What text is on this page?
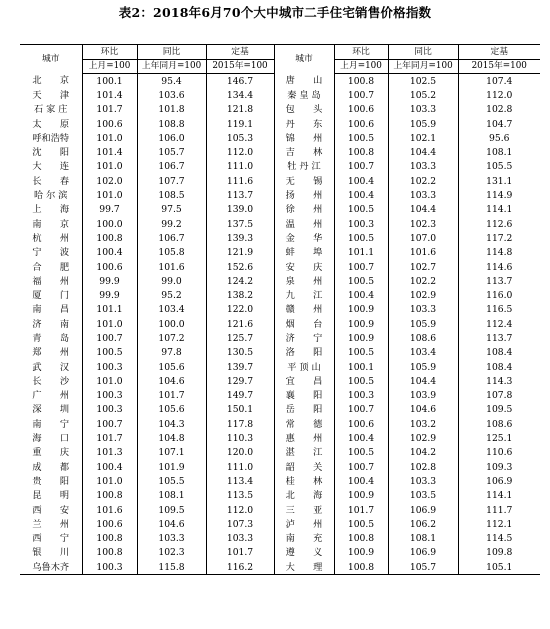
表2：2018年6月70个大中城市二手住宅销售价格指数
城市	环比	同比	定基	城市	环比	同比	定基
	上月=100	上年同月=100	2015年=100		上月=100	上年同月=100	2015年=100
北　　京	100.1	95.4	146.7	唐　　山	100.8	102.5	107.4
天　　津	101.4	103.6	134.4	秦 皇 岛	100.7	105.2	112.0
石 家 庄	101.7	101.8	121.8	包　　头	100.6	103.3	102.8
太　　原	100.6	108.8	119.1	丹　　东	100.6	105.9	104.7
呼和浩特	101.0	106.0	105.3	锦　　州	100.5	102.1	95.6
沈　　阳	101.4	105.7	112.0	吉　　林	100.8	104.4	108.1
大　　连	101.0	106.7	111.0	牡 丹 江	100.7	103.3	105.5
长　　春	102.0	107.7	111.6	无　　锡	100.4	102.2	131.1
哈 尔 滨	101.0	108.5	113.7	扬　　州	100.4	103.3	114.9
上　　海	99.7	97.5	139.0	徐　　州	100.5	104.4	114.1
南　　京	100.0	99.2	137.5	温　　州	100.3	102.3	112.6
杭　　州	100.8	106.7	139.3	金　　华	100.5	107.0	117.2
宁　　波	100.4	105.8	121.9	蚌　　埠	101.1	101.6	114.8
合　　肥	100.6	101.6	152.6	安　　庆	100.7	102.7	114.6
福　　州	99.9	99.0	124.2	泉　　州	100.5	102.2	113.7
厦　　门	99.9	95.2	138.2	九　　江	100.4	102.9	116.0
南　　昌	101.1	103.4	122.0	赣　　州	100.9	103.3	116.5
济　　南	101.0	100.0	121.6	烟　　台	100.9	105.9	112.4
青　　岛	100.7	107.2	125.7	济　　宁	100.9	108.6	113.7
郑　　州	100.5	97.8	130.5	洛　　阳	100.5	103.4	108.4
武　　汉	100.3	105.6	139.7	平 顶 山	100.1	105.9	108.4
长　　沙	101.0	104.6	129.7	宜　　昌	100.5	104.4	114.3
广　　州	100.3	101.7	149.7	襄　　阳	100.3	103.9	107.8
深　　圳	100.3	105.6	150.1	岳　　阳	100.7	104.6	109.5
南　　宁	100.7	104.3	117.8	常　　德	100.6	103.2	108.6
海　　口	101.7	104.8	110.3	惠　　州	100.4	102.9	125.1
重　　庆	101.3	107.1	120.0	湛　　江	100.5	104.2	110.6
成　　都	100.4	101.9	111.0	韶　　关	100.7	102.8	109.3
贵　　阳	101.0	105.5	113.4	桂　　林	100.4	103.3	106.9
昆　　明	100.8	108.1	113.5	北　　海	100.9	103.5	114.1
西　　安	101.6	109.5	112.0	三　　亚	101.7	106.9	111.7
兰　　州	100.6	104.6	107.3	泸　　州	100.5	106.2	112.1
西　　宁	100.8	103.3	103.3	南　　充	100.8	108.1	114.5
银　　川	100.8	102.3	101.7	遵　　义	100.9	106.9	109.8
乌鲁木齐	100.3	115.8	116.2	大　　理	100.8	105.7	105.1
